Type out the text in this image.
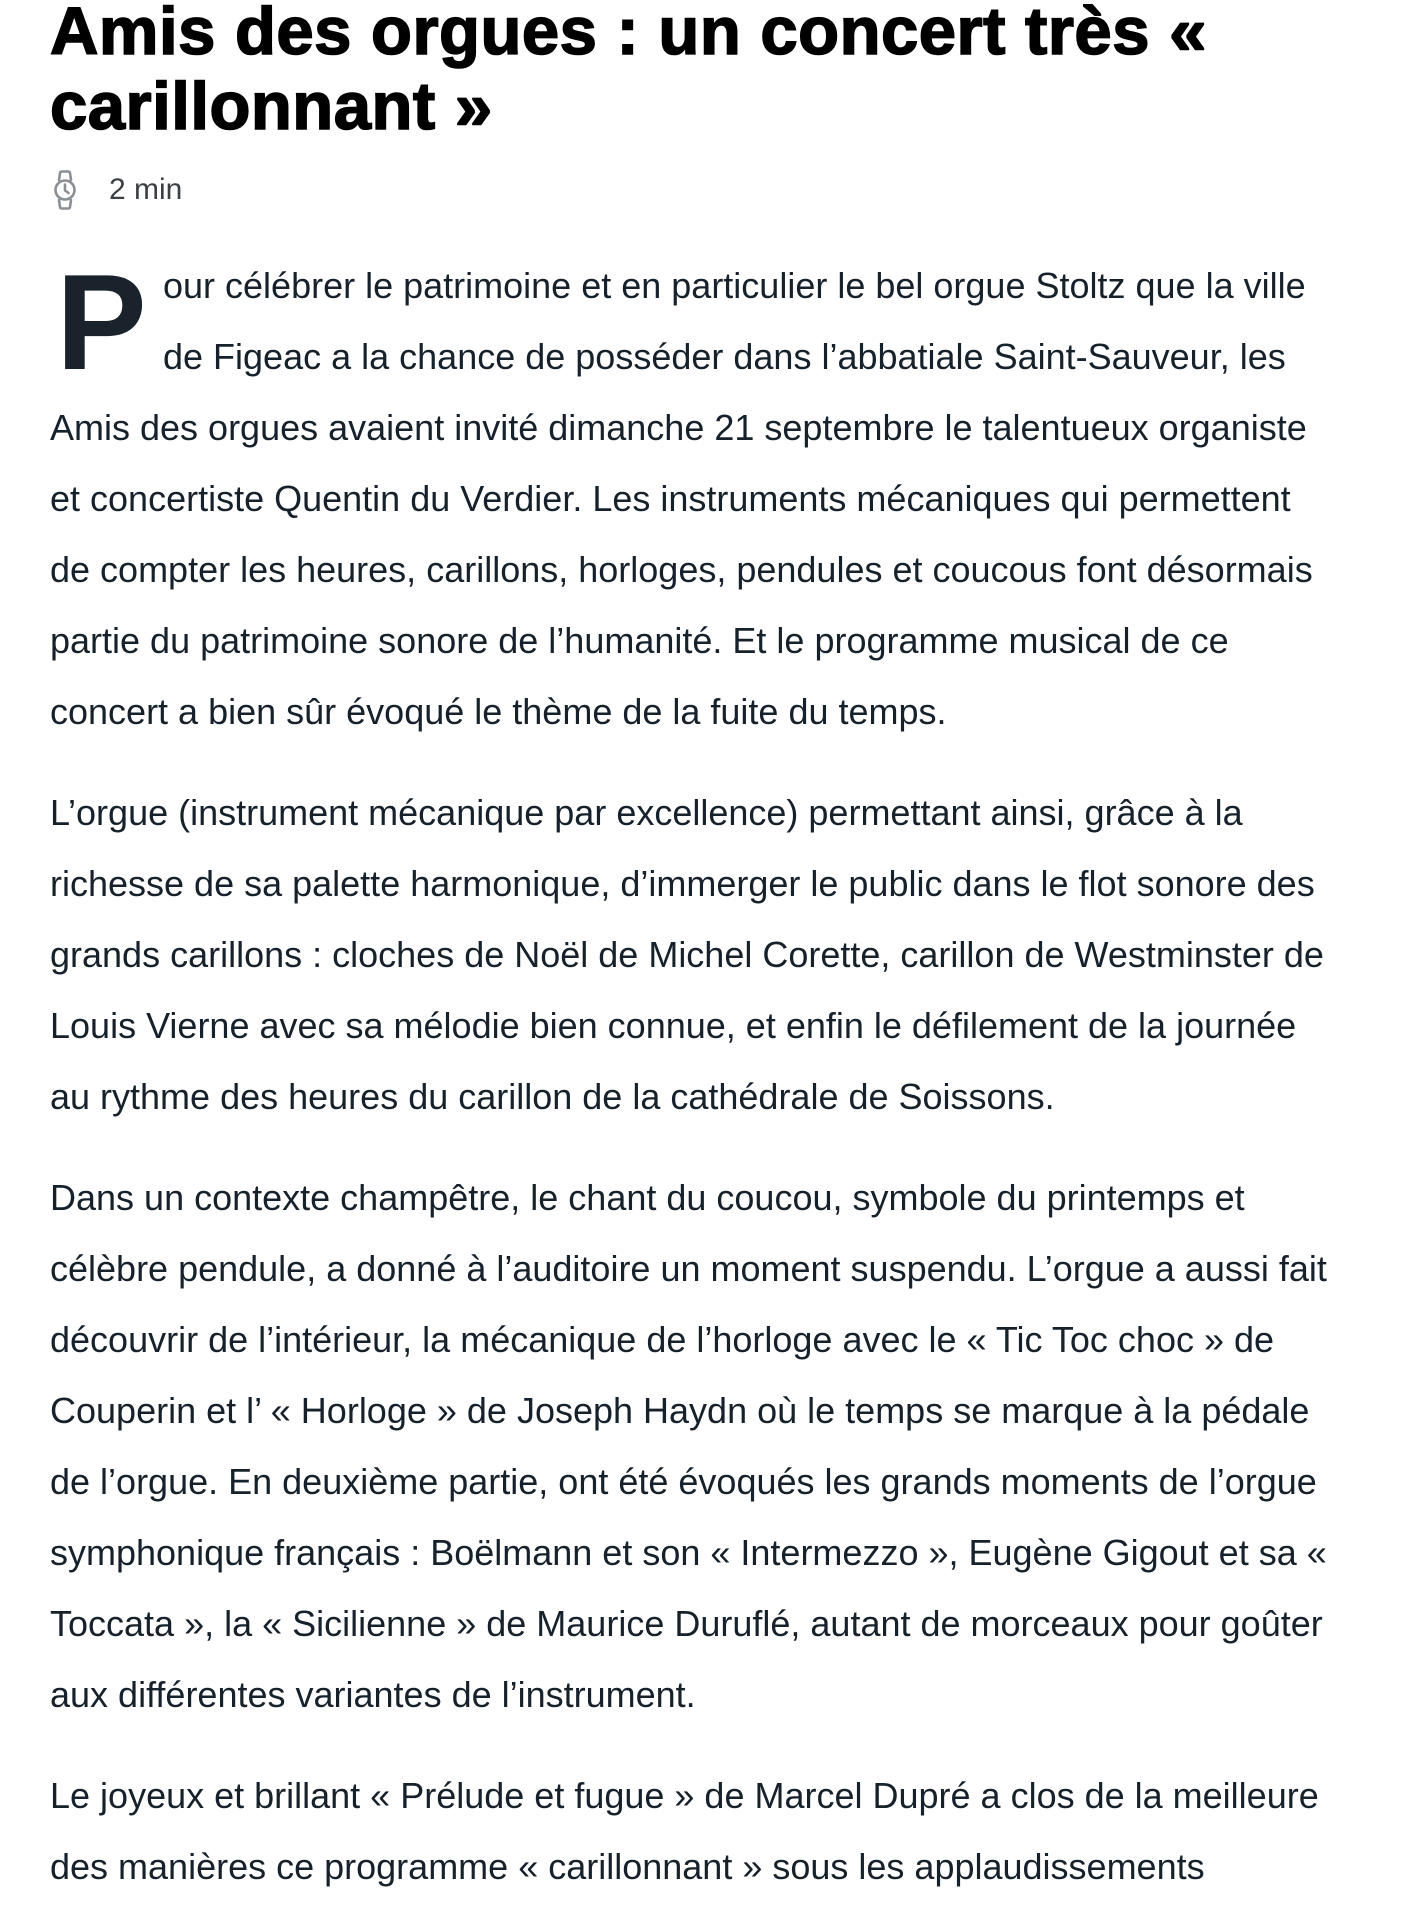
Amis des orgues : un concert très «
carillonnant »
2 min

P our célébrer le patrimoine et en particulier le bel orgue Stoltz que la ville
de Figeac a la chance de posséder dans l’abbatiale Saint-Sauveur, les
Amis des orgues avaient invité dimanche 21 septembre le talentueux organiste
et concertiste Quentin du Verdier. Les instruments mécaniques qui permettent
de compter les heures, carillons, horloges, pendules et coucous font désormais
partie du patrimoine sonore de l’humanité. Et le programme musical de ce
concert a bien sûr évoqué le thème de la fuite du temps.

L’orgue (instrument mécanique par excellence) permettant ainsi, grâce à la
richesse de sa palette harmonique, d’immerger le public dans le flot sonore des
grands carillons : cloches de Noël de Michel Corette, carillon de Westminster de
Louis Vierne avec sa mélodie bien connue, et enfin le défilement de la journée
au rythme des heures du carillon de la cathédrale de Soissons.

Dans un contexte champêtre, le chant du coucou, symbole du printemps et
célèbre pendule, a donné à l’auditoire un moment suspendu. L’orgue a aussi fait
découvrir de l’intérieur, la mécanique de l’horloge avec le « Tic Toc choc » de
Couperin et l’ « Horloge » de Joseph Haydn où le temps se marque à la pédale
de l’orgue. En deuxième partie, ont été évoqués les grands moments de l’orgue
symphonique français : Boëlmann et son « Intermezzo », Eugène Gigout et sa «
Toccata », la « Sicilienne » de Maurice Duruflé, autant de morceaux pour goûter
aux différentes variantes de l’instrument.

Le joyeux et brillant « Prélude et fugue » de Marcel Dupré a clos de la meilleure
des manières ce programme « carillonnant » sous les applaudissements
